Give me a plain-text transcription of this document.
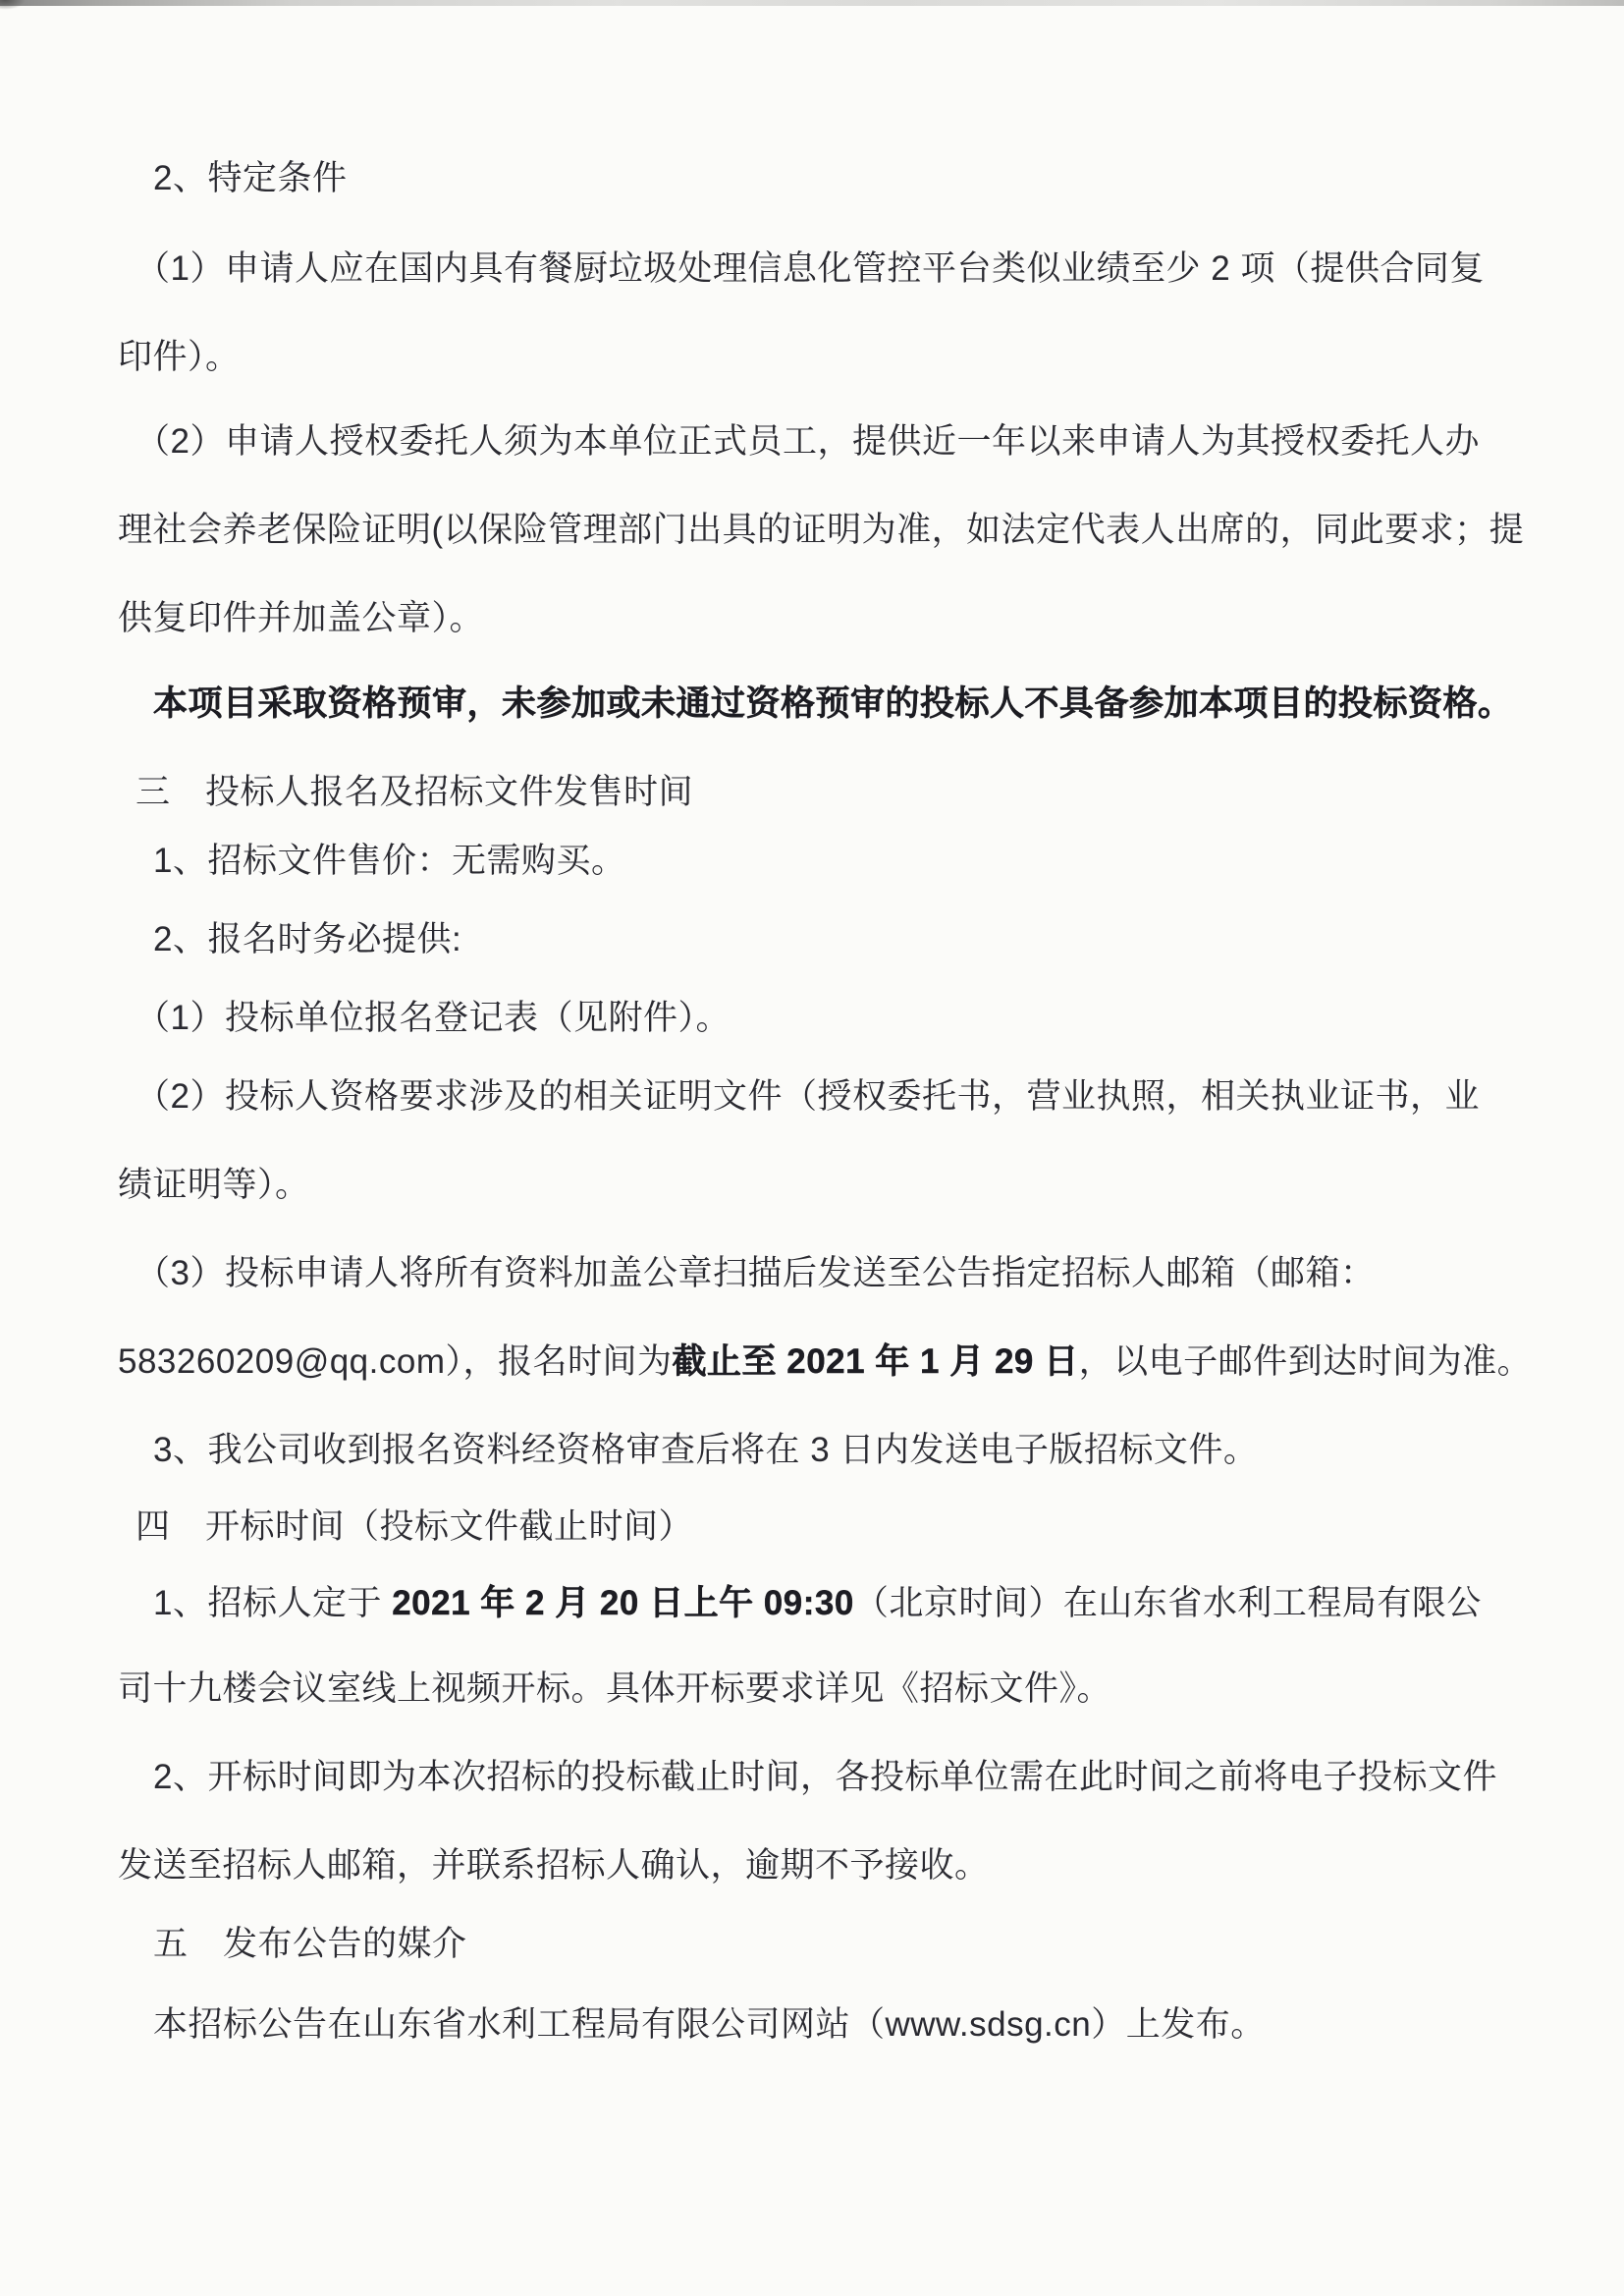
2、特定条件

（1）申请人应在国内具有餐厨垃圾处理信息化管控平台类似业绩至少 2 项（提供合同复

印件）。

（2）申请人授权委托人须为本单位正式员工，提供近一年以来申请人为其授权委托人办

理社会养老保险证明(以保险管理部门出具的证明为准，如法定代表人出席的，同此要求；提

供复印件并加盖公章）。

本项目采取资格预审，未参加或未通过资格预审的投标人不具备参加本项目的投标资格。

三　投标人报名及招标文件发售时间

1、招标文件售价：无需购买。

2、报名时务必提供:

（1）投标单位报名登记表（见附件）。

（2）投标人资格要求涉及的相关证明文件（授权委托书，营业执照，相关执业证书，业

绩证明等）。

（3）投标申请人将所有资料加盖公章扫描后发送至公告指定招标人邮箱（邮箱：

583260209@qq.com），报名时间为截止至 2021 年 1 月 29 日，以电子邮件到达时间为准。

3、我公司收到报名资料经资格审查后将在 3 日内发送电子版招标文件。

四　开标时间（投标文件截止时间）

1、招标人定于 2021 年 2 月 20 日上午 09:30（北京时间）在山东省水利工程局有限公

司十九楼会议室线上视频开标。具体开标要求详见《招标文件》。

2、开标时间即为本次招标的投标截止时间，各投标单位需在此时间之前将电子投标文件

发送至招标人邮箱，并联系招标人确认，逾期不予接收。

五　发布公告的媒介

本招标公告在山东省水利工程局有限公司网站（www.sdsg.cn）上发布。
